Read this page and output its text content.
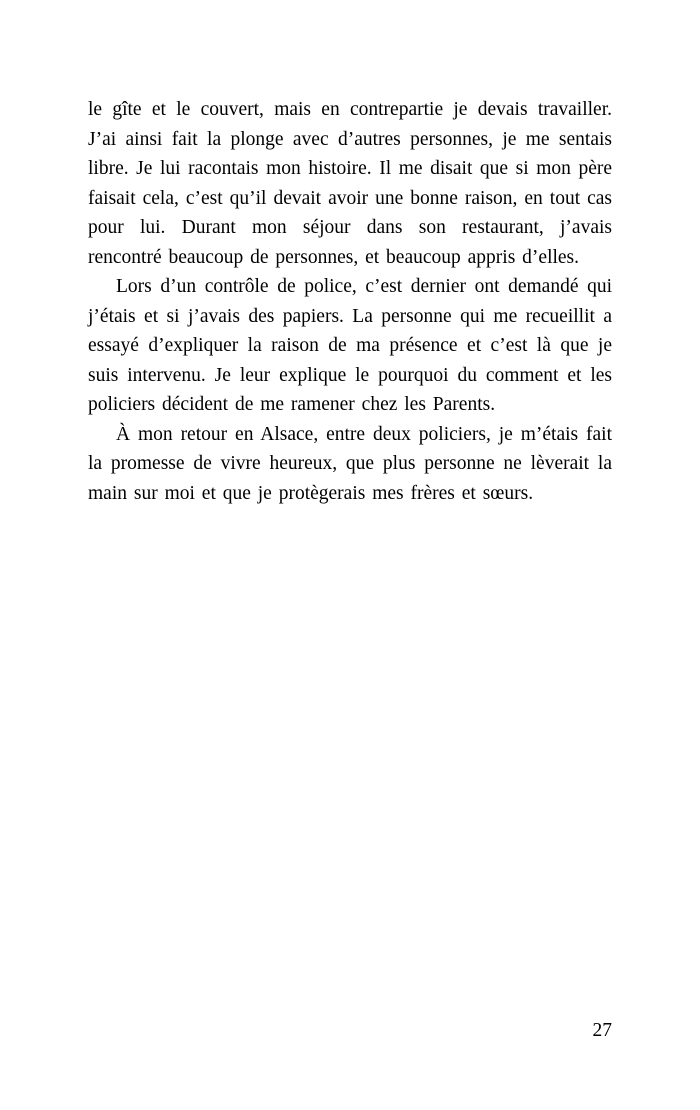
le gîte et le couvert, mais en contrepartie je devais travailler. J’ai ainsi fait la plonge avec d’autres personnes, je me sentais libre. Je lui racontais mon histoire. Il me disait que si mon père faisait cela, c’est qu’il devait avoir une bonne raison, en tout cas pour lui. Durant mon séjour dans son restaurant, j’avais rencontré beaucoup de personnes, et beaucoup appris d’elles.

Lors d’un contrôle de police, c’est dernier ont demandé qui j’étais et si j’avais des papiers. La personne qui me recueillit a essayé d’expliquer la raison de ma présence et c’est là que je suis intervenu. Je leur explique le pourquoi du comment et les policiers décident de me ramener chez les Parents.

À mon retour en Alsace, entre deux policiers, je m’étais fait la promesse de vivre heureux, que plus personne ne lèverait la main sur moi et que je protègerais mes frères et sœurs.

27
